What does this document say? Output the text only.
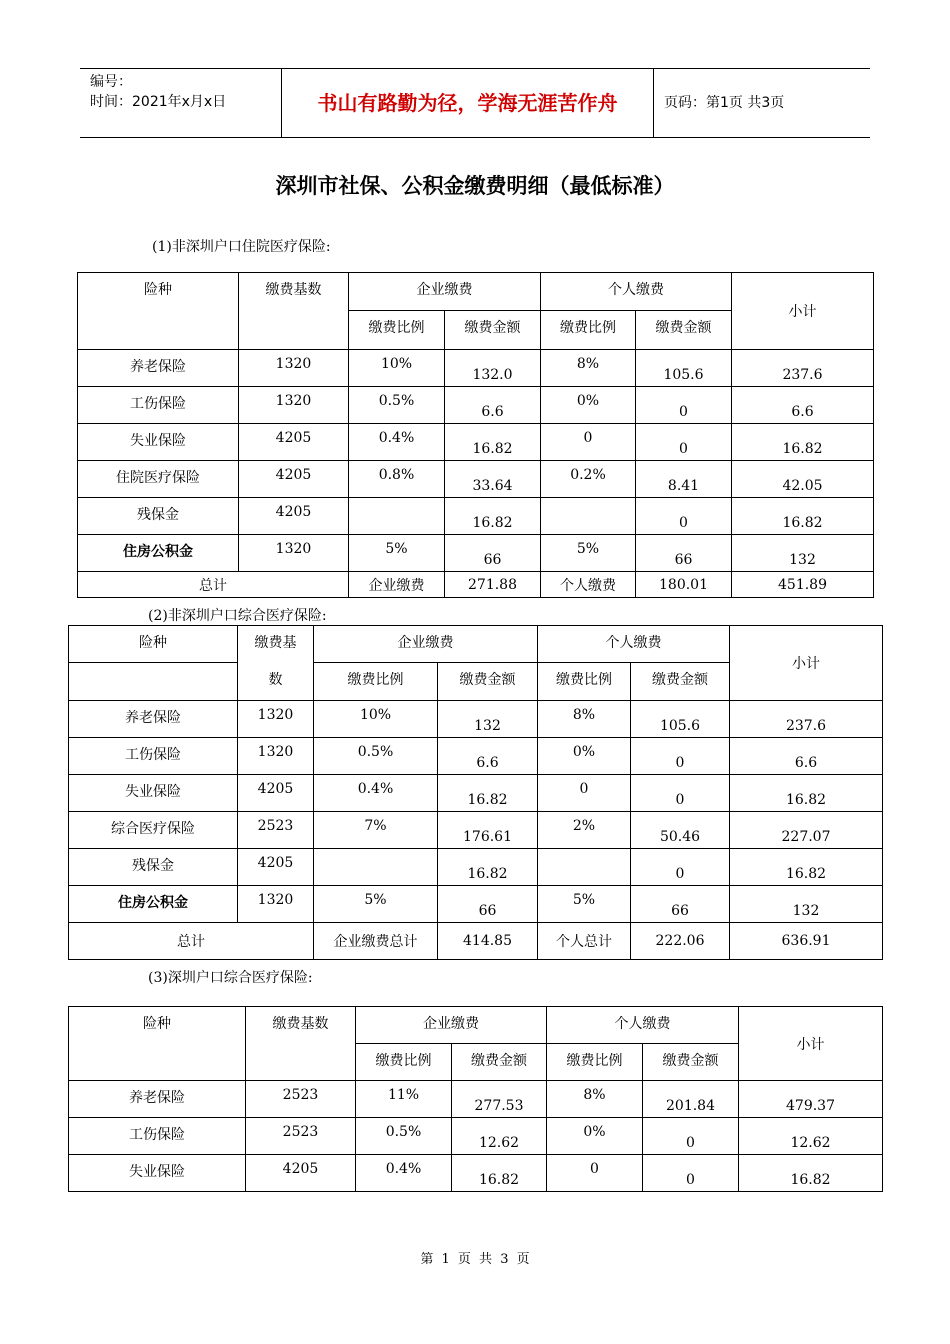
编号：
时间：2021年x月x日	书山有路勤为径，学海无涯苦作舟	页码：第1页 共3页
深圳市社保、公积金缴费明细（最低标准）
(1)非深圳户口住院医疗保险:
险种	缴费基数	企业缴费		个人缴费		小计
		缴费比例	缴费金额	缴费比例	缴费金额	
养老保险	1320	10%	132.0	8%	105.6	237.6
工伤保险	1320	0.5%	6.6	0%	0	6.6
失业保险	4205	0.4%	16.82	0	0	16.82
住院医疗保险	4205	0.8%	33.64	0.2%	8.41	42.05
残保金	4205		16.82		0	16.82
住房公积金	1320	5%	66	5%	66	132
总计		企业缴费	271.88	个人缴费	180.01	451.89
(2)非深圳户口综合医疗保险:
险种	缴费基	企业缴费		个人缴费		小计
	数	缴费比例	缴费金额	缴费比例	缴费金额	
养老保险	1320	10%	132	8%	105.6	237.6
工伤保险	1320	0.5%	6.6	0%	0	6.6
失业保险	4205	0.4%	16.82	0	0	16.82
综合医疗保险	2523	7%	176.61	2%	50.46	227.07
残保金	4205		16.82		0	16.82
住房公积金	1320	5%	66	5%	66	132
总计		企业缴费总计	414.85	个人总计	222.06	636.91
(3)深圳户口综合医疗保险:
险种	缴费基数	企业缴费		个人缴费		小计
		缴费比例	缴费金额	缴费比例	缴费金额	
养老保险	2523	11%	277.53	8%	201.84	479.37
工伤保险	2523	0.5%	12.62	0%	0	12.62
失业保险	4205	0.4%	16.82	0	0	16.82
第 1 页 共 3 页
